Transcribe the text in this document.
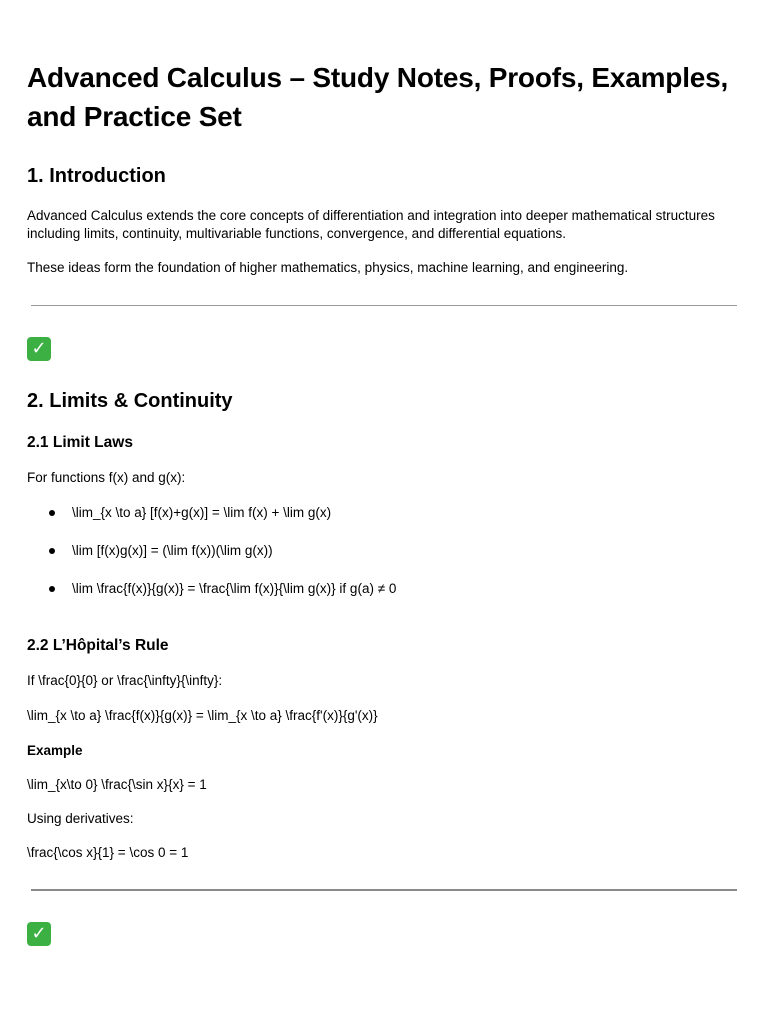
Advanced Calculus – Study Notes, Proofs, Examples, and Practice Set
1. Introduction

Advanced Calculus extends the core concepts of differentiation and integration into deeper mathematical structures including limits, continuity, multivariable functions, convergence, and differential equations.

These ideas form the foundation of higher mathematics, physics, machine learning, and engineering.

✓
2. Limits & Continuity
2.1 Limit Laws

For functions f(x) and g(x):

\lim_{x \to a} [f(x)+g(x)] = \lim f(x) + \lim g(x)
\lim [f(x)g(x)] = (\lim f(x))(\lim g(x))
\lim \frac{f(x)}{g(x)} = \frac{\lim f(x)}{\lim g(x)} if g(a) ≠ 0
2.2 L’Hôpital’s Rule

If \frac{0}{0} or \frac{\infty}{\infty}:

\lim_{x \to a} \frac{f(x)}{g(x)} = \lim_{x \to a} \frac{f'(x)}{g'(x)}

Example

\lim_{x\to 0} \frac{\sin x}{x} = 1

Using derivatives:

\frac{\cos x}{1} = \cos 0 = 1

✓
